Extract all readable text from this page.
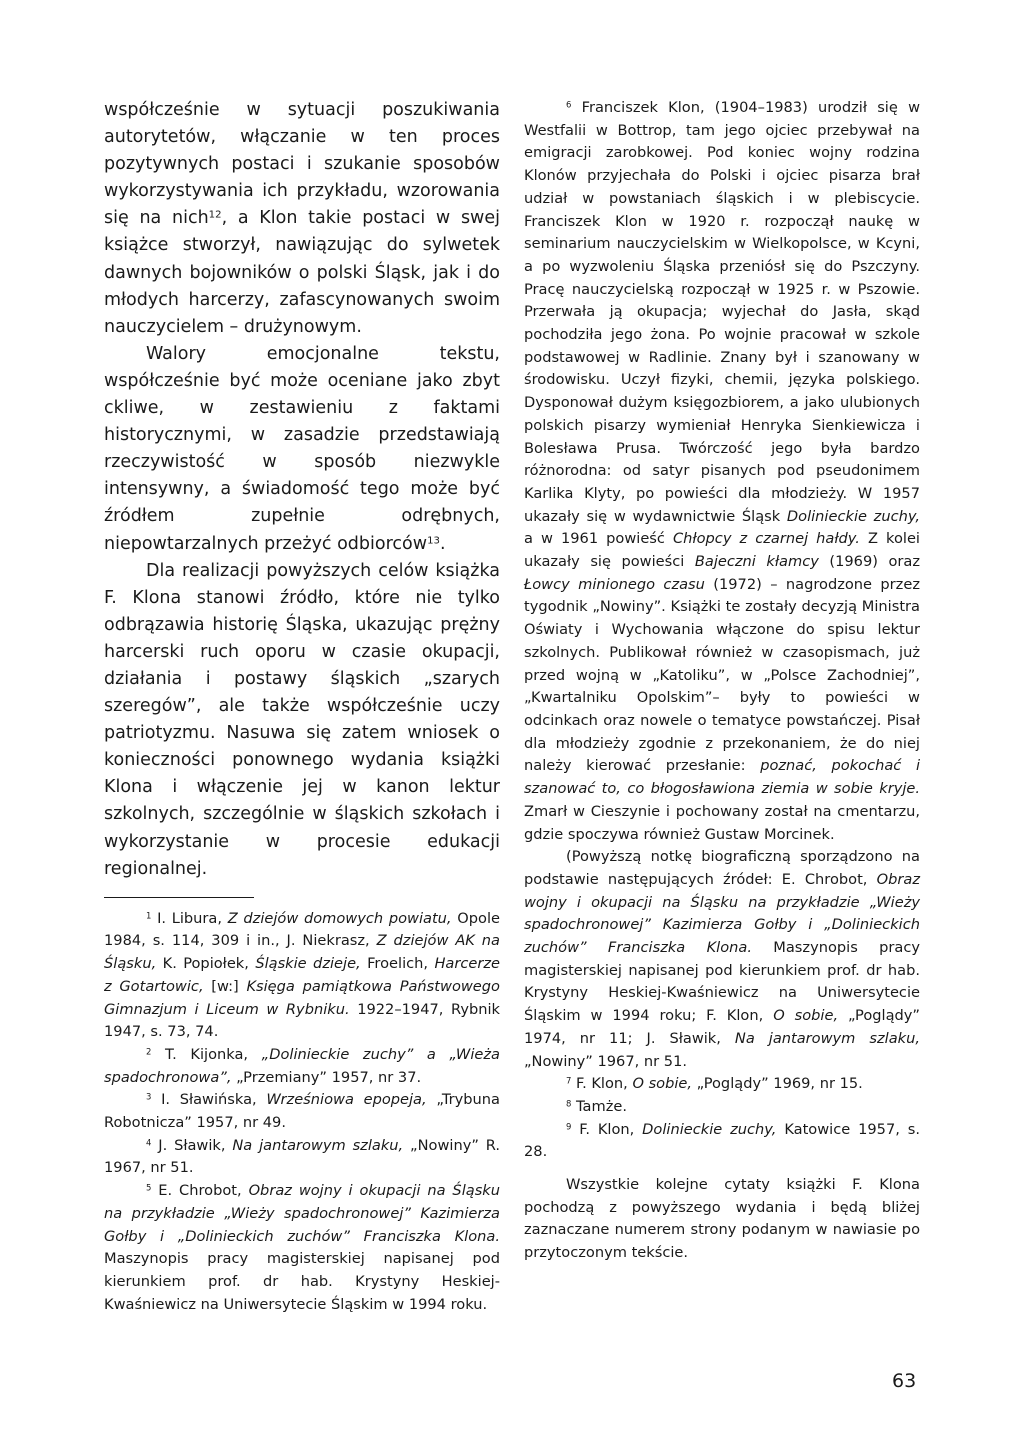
współcześnie w sytuacji poszukiwania autorytetów, włączanie w ten proces pozytywnych postaci i szukanie sposobów wykorzystywania ich przykładu, wzorowania się na nich$^{12}$, a Klon takie postaci w swej książce stworzył, nawiązując do sylwetek dawnych bojowników o polski Śląsk, jak i do młodych harcerzy, zafascynowanych swoim nauczycielem – drużynowym.

Walory emocjonalne tekstu, współcześnie być może oceniane jako zbyt ckliwe, w zestawieniu z faktami historycznymi, w zasadzie przedstawiają rzeczywistość w sposób niezwykle intensywny, a świadomość tego może być źródłem zupełnie odrębnych, niepowtarzalnych przeżyć odbiorców$^{13}$.

Dla realizacji powyższych celów książka F. Klona stanowi źródło, które nie tylko odbrązawia historię Śląska, ukazując prężny harcerski ruch oporu w czasie okupacji, działania i postawy śląskich „szarych szeregów”, ale także współcześnie uczy patriotyzmu. Nasuwa się zatem wniosek o konieczności ponownego wydania książki Klona i włączenie jej w kanon lektur szkolnych, szczególnie w śląskich szkołach i wykorzystanie w procesie edukacji regionalnej.

$^1$ I. Libura, Z dziejów domowych powiatu, Opole 1984, s. 114, 309 i in., J. Niekrasz, Z dziejów AK na Śląsku, K. Popiołek, Śląskie dzieje, Froelich, Harcerze z Gotartowic, [w:] Księga pamiątkowa Państwowego Gimnazjum i Liceum w Rybniku. 1922–1947, Rybnik 1947, s. 73, 74.

$^2$ T. Kijonka, „Dolinieckie zuchy” a „Wieża spadochronowa”, „Przemiany” 1957, nr 37.

$^3$ I. Sławińska, Wrześniowa epopeja, „Trybuna Robotnicza” 1957, nr 49.

$^4$ J. Sławik, Na jantarowym szlaku, „Nowiny” R. 1967, nr 51.

$^5$ E. Chrobot, Obraz wojny i okupacji na Śląsku na przykładzie „Wieży spadochronowej” Kazimierza Gołby i „Dolinieckich zuchów” Franciszka Klona. Maszynopis pracy magisterskiej napisanej pod kierunkiem prof. dr hab. Krystyny Heskiej-Kwaśniewicz na Uniwersytecie Śląskim w 1994 roku.

$^6$ Franciszek Klon, (1904–1983) urodził się w Westfalii w Bottrop, tam jego ojciec przebywał na emigracji zarobkowej. Pod koniec wojny rodzina Klonów przyjechała do Polski i ojciec pisarza brał udział w powstaniach śląskich i w plebiscycie. Franciszek Klon w 1920 r. rozpoczął naukę w seminarium nauczycielskim w Wielkopolsce, w Kcyni, a po wyzwoleniu Śląska przeniósł się do Pszczyny. Pracę nauczycielską rozpoczął w 1925 r. w Pszowie. Przerwała ją okupacja; wyjechał do Jasła, skąd pochodziła jego żona. Po wojnie pracował w szkole podstawowej w Radlinie. Znany był i szanowany w środowisku. Uczył fizyki, chemii, języka polskiego. Dysponował dużym księgozbiorem, a jako ulubionych polskich pisarzy wymieniał Henryka Sienkiewicza i Bolesława Prusa. Twórczość jego była bardzo różnorodna: od satyr pisanych pod pseudonimem Karlika Klyty, po powieści dla młodzieży. W 1957 ukazały się w wydawnictwie Śląsk Dolinieckie zuchy, a w 1961 powieść Chłopcy z czarnej hałdy. Z kolei ukazały się powieści Bajeczni kłamcy (1969) oraz Łowcy minionego czasu (1972) – nagrodzone przez tygodnik „Nowiny”. Książki te zostały decyzją Ministra Oświaty i Wychowania włączone do spisu lektur szkolnych. Publikował również w czasopismach, już przed wojną w „Katoliku”, w „Polsce Zachodniej”, „Kwartalniku Opolskim”– były to powieści w odcinkach oraz nowele o tematyce powstańczej. Pisał dla młodzieży zgodnie z przekonaniem, że do niej należy kierować przesłanie: poznać, pokochać i szanować to, co błogosławiona ziemia w sobie kryje. Zmarł w Cieszynie i pochowany został na cmentarzu, gdzie spoczywa również Gustaw Morcinek.

(Powyższą notkę biograficzną sporządzono na podstawie następujących źródeł: E. Chrobot, Obraz wojny i okupacji na Śląsku na przykładzie „Wieży spadochronowej” Kazimierza Gołby i „Dolinieckich zuchów” Franciszka Klona. Maszynopis pracy magisterskiej napisanej pod kierunkiem prof. dr hab. Krystyny Heskiej-Kwaśniewicz na Uniwersytecie Śląskim w 1994 roku; F. Klon, O sobie, „Poglądy” 1974, nr 11; J. Sławik, Na jantarowym szlaku, „Nowiny” 1967, nr 51.

$^7$ F. Klon, O sobie, „Poglądy” 1969, nr 15.

$^8$ Tamże.

$^9$ F. Klon, Dolinieckie zuchy, Katowice 1957, s. 28.

Wszystkie kolejne cytaty książki F. Klona pochodzą z powyższego wydania i będą bliżej zaznaczane numerem strony podanym w nawiasie po przytoczonym tekście.

63
